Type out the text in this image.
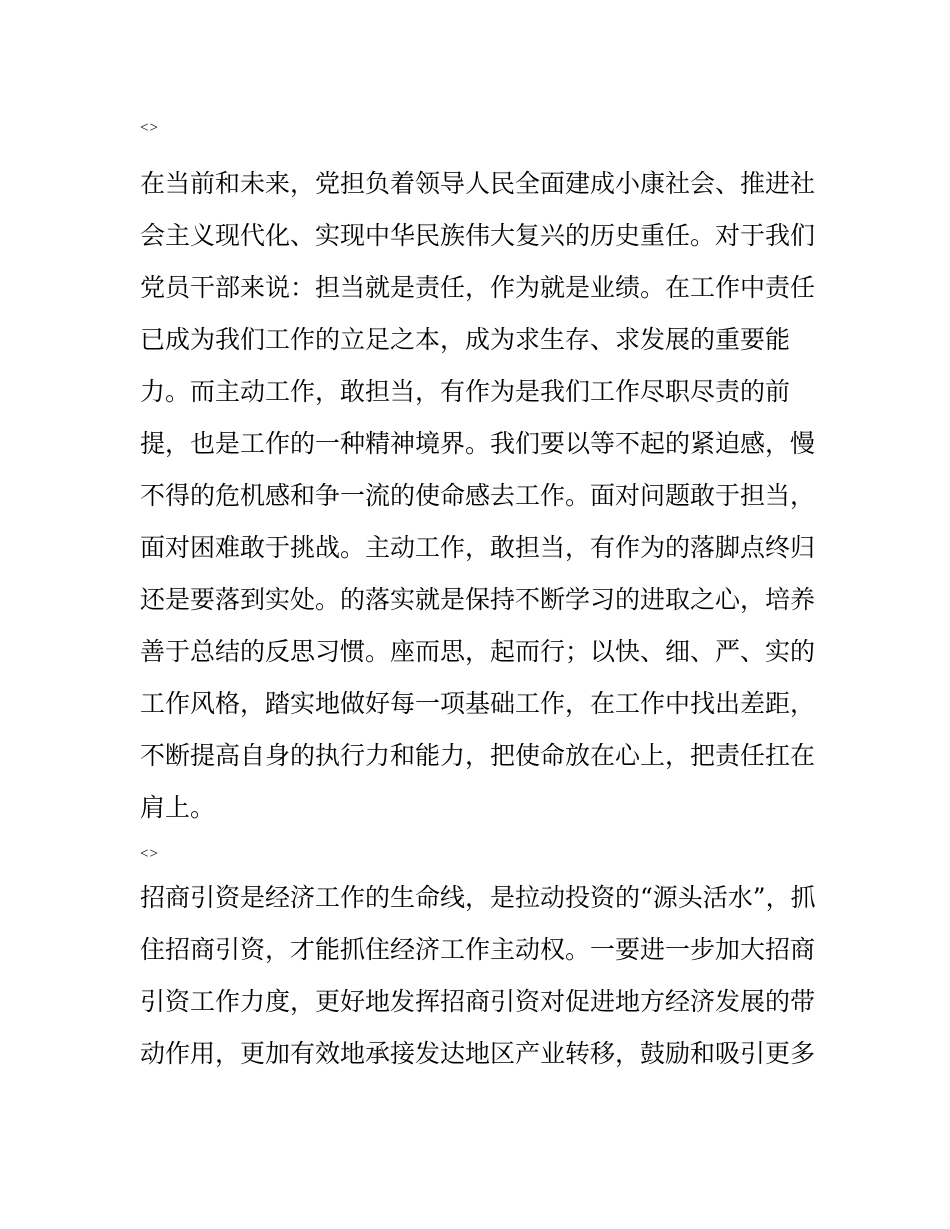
<>
在当前和未来，党担负着领导人民全面建成小康社会、推进社
会主义现代化、实现中华民族伟大复兴的历史重任。对于我们
党员干部来说：担当就是责任，作为就是业绩。在工作中责任
已成为我们工作的立足之本，成为求生存、求发展的重要能
力。而主动工作，敢担当，有作为是我们工作尽职尽责的前
提，也是工作的一种精神境界。我们要以等不起的紧迫感，慢
不得的危机感和争一流的使命感去工作。面对问题敢于担当，
面对困难敢于挑战。主动工作，敢担当，有作为的落脚点终归
还是要落到实处。的落实就是保持不断学习的进取之心，培养
善于总结的反思习惯。座而思，起而行；以快、细、严、实的
工作风格，踏实地做好每一项基础工作，在工作中找出差距，
不断提高自身的执行力和能力，把使命放在心上，把责任扛在
肩上。
<>
招商引资是经济工作的生命线，是拉动投资的“源头活水”，抓
住招商引资，才能抓住经济工作主动权。一要进一步加大招商
引资工作力度，更好地发挥招商引资对促进地方经济发展的带
动作用，更加有效地承接发达地区产业转移，鼓励和吸引更多
